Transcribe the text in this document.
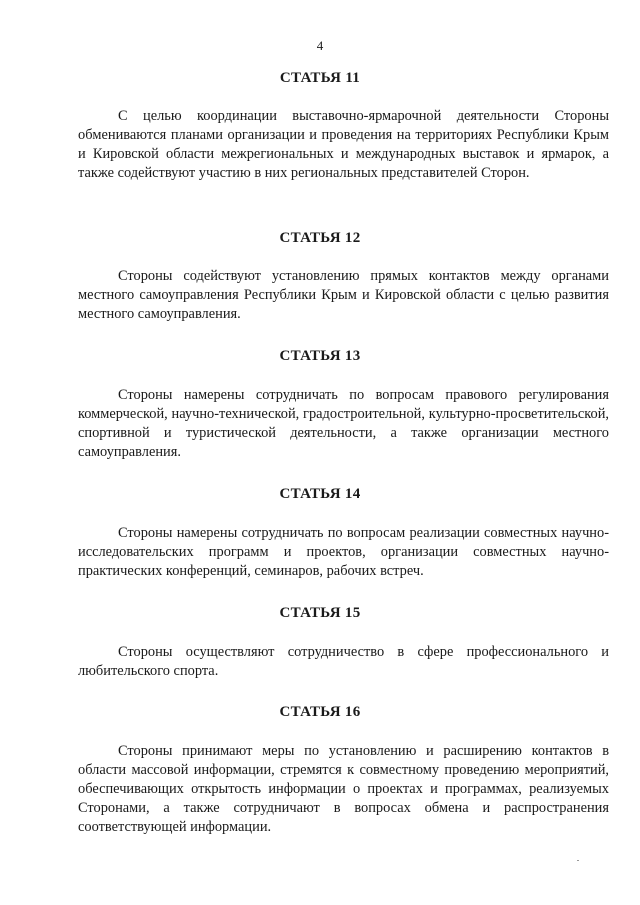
4
СТАТЬЯ 11
С целью координации выставочно-ярмарочной деятельности Стороны обмениваются планами организации и проведения на территориях Республики Крым и Кировской области межрегиональных и международных выставок и ярмарок, а также содействуют участию в них региональных представителей Сторон.
СТАТЬЯ 12
Стороны содействуют установлению прямых контактов между органами местного самоуправления Республики Крым и Кировской области с целью развития местного самоуправления.
СТАТЬЯ 13
Стороны намерены сотрудничать по вопросам правового регулирования коммерческой, научно-технической, градостроительной, культурно-просветительской, спортивной и туристической деятельности, а также организации местного самоуправления.
СТАТЬЯ 14
Стороны намерены сотрудничать по вопросам реализации совместных научно-исследовательских программ и проектов, организации совместных научно-практических конференций, семинаров, рабочих встреч.
СТАТЬЯ 15
Стороны осуществляют сотрудничество в сфере профессионального и любительского спорта.
СТАТЬЯ 16
Стороны принимают меры по установлению и расширению контактов в области массовой информации, стремятся к совместному проведению мероприятий, обеспечивающих открытость информации о проектах и программах, реализуемых Сторонами, а также сотрудничают в вопросах обмена и распространения соответствующей информации.
